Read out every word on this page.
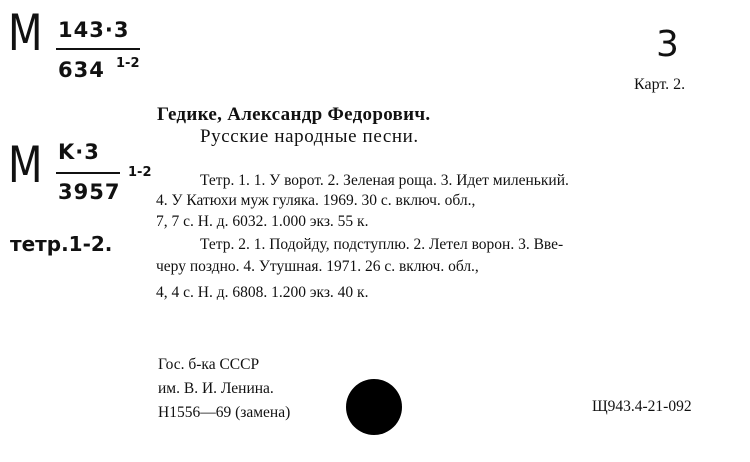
M 143·3
634 1-2
M K·3
3957
1-2
тетр.1-2.
3
Карт. 2.
Гедике, Александр Федорович.
Русские народные песни.
Тетр. 1. 1. У ворот. 2. Зеленая роща. 3. Идет миленький.
4. У Катюхи муж гуляка. 1969. 30 с. включ. обл.,
7, 7 с. Н. д. 6032. 1.000 экз. 55 к.
Тетр. 2. 1. Подойду, подступлю. 2. Летел ворон. 3. Вве-
черу поздно. 4. Утушная. 1971. 26 с. включ. обл.,
4, 4 с. Н. д. 6808. 1.200 экз. 40 к.
Гос. б-ка СССР
им. В. И. Ленина.
Н1556—69 (замена)	Щ943.4-21-092
